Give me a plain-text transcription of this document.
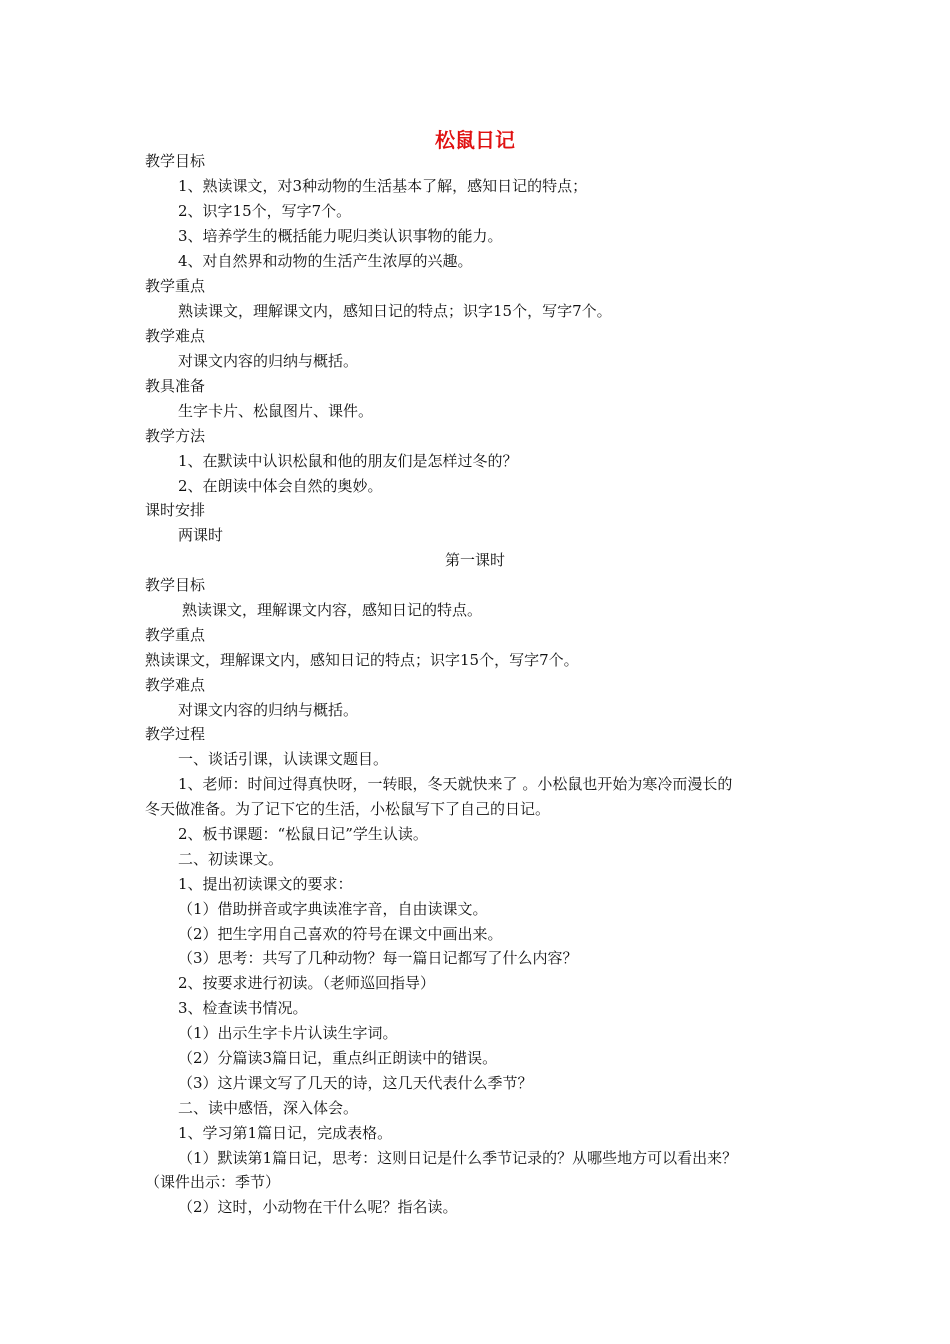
松鼠日记
教学目标
1、熟读课文，对3种动物的生活基本了解，感知日记的特点；
2、识字15个，写字7个。
3、培养学生的概括能力呢归类认识事物的能力。
4、对自然界和动物的生活产生浓厚的兴趣。
教学重点
熟读课文，理解课文内，感知日记的特点；识字15个，写字7个。
教学难点
对课文内容的归纳与概括。
教具准备
生字卡片、松鼠图片、课件。
教学方法
1、在默读中认识松鼠和他的朋友们是怎样过冬的？
2、在朗读中体会自然的奥妙。
课时安排
两课时
第一课时
教学目标
熟读课文，理解课文内容，感知日记的特点。
教学重点
熟读课文，理解课文内，感知日记的特点；识字15个，写字7个。
教学难点
对课文内容的归纳与概括。
教学过程
一、谈话引课，认读课文题目。
1、老师：时间过得真快呀，一转眼，冬天就快来了 。小松鼠也开始为寒冷而漫长的
冬天做准备。为了记下它的生活，小松鼠写下了自己的日记。
2、板书课题：“松鼠日记”学生认读。
二、初读课文。
1、提出初读课文的要求：
（1）借助拼音或字典读准字音，自由读课文。
（2）把生字用自己喜欢的符号在课文中画出来。
（3）思考：共写了几种动物？每一篇日记都写了什么内容？
2、按要求进行初读。（老师巡回指导）
3、检查读书情况。
（1）出示生字卡片认读生字词。
（2）分篇读3篇日记，重点纠正朗读中的错误。
（3）这片课文写了几天的诗，这几天代表什么季节？
二、读中感悟，深入体会。
1、学习第1篇日记，完成表格。
（1）默读第1篇日记，思考：这则日记是什么季节记录的？从哪些地方可以看出来？
（课件出示：季节）
（2）这时，小动物在干什么呢？指名读。
